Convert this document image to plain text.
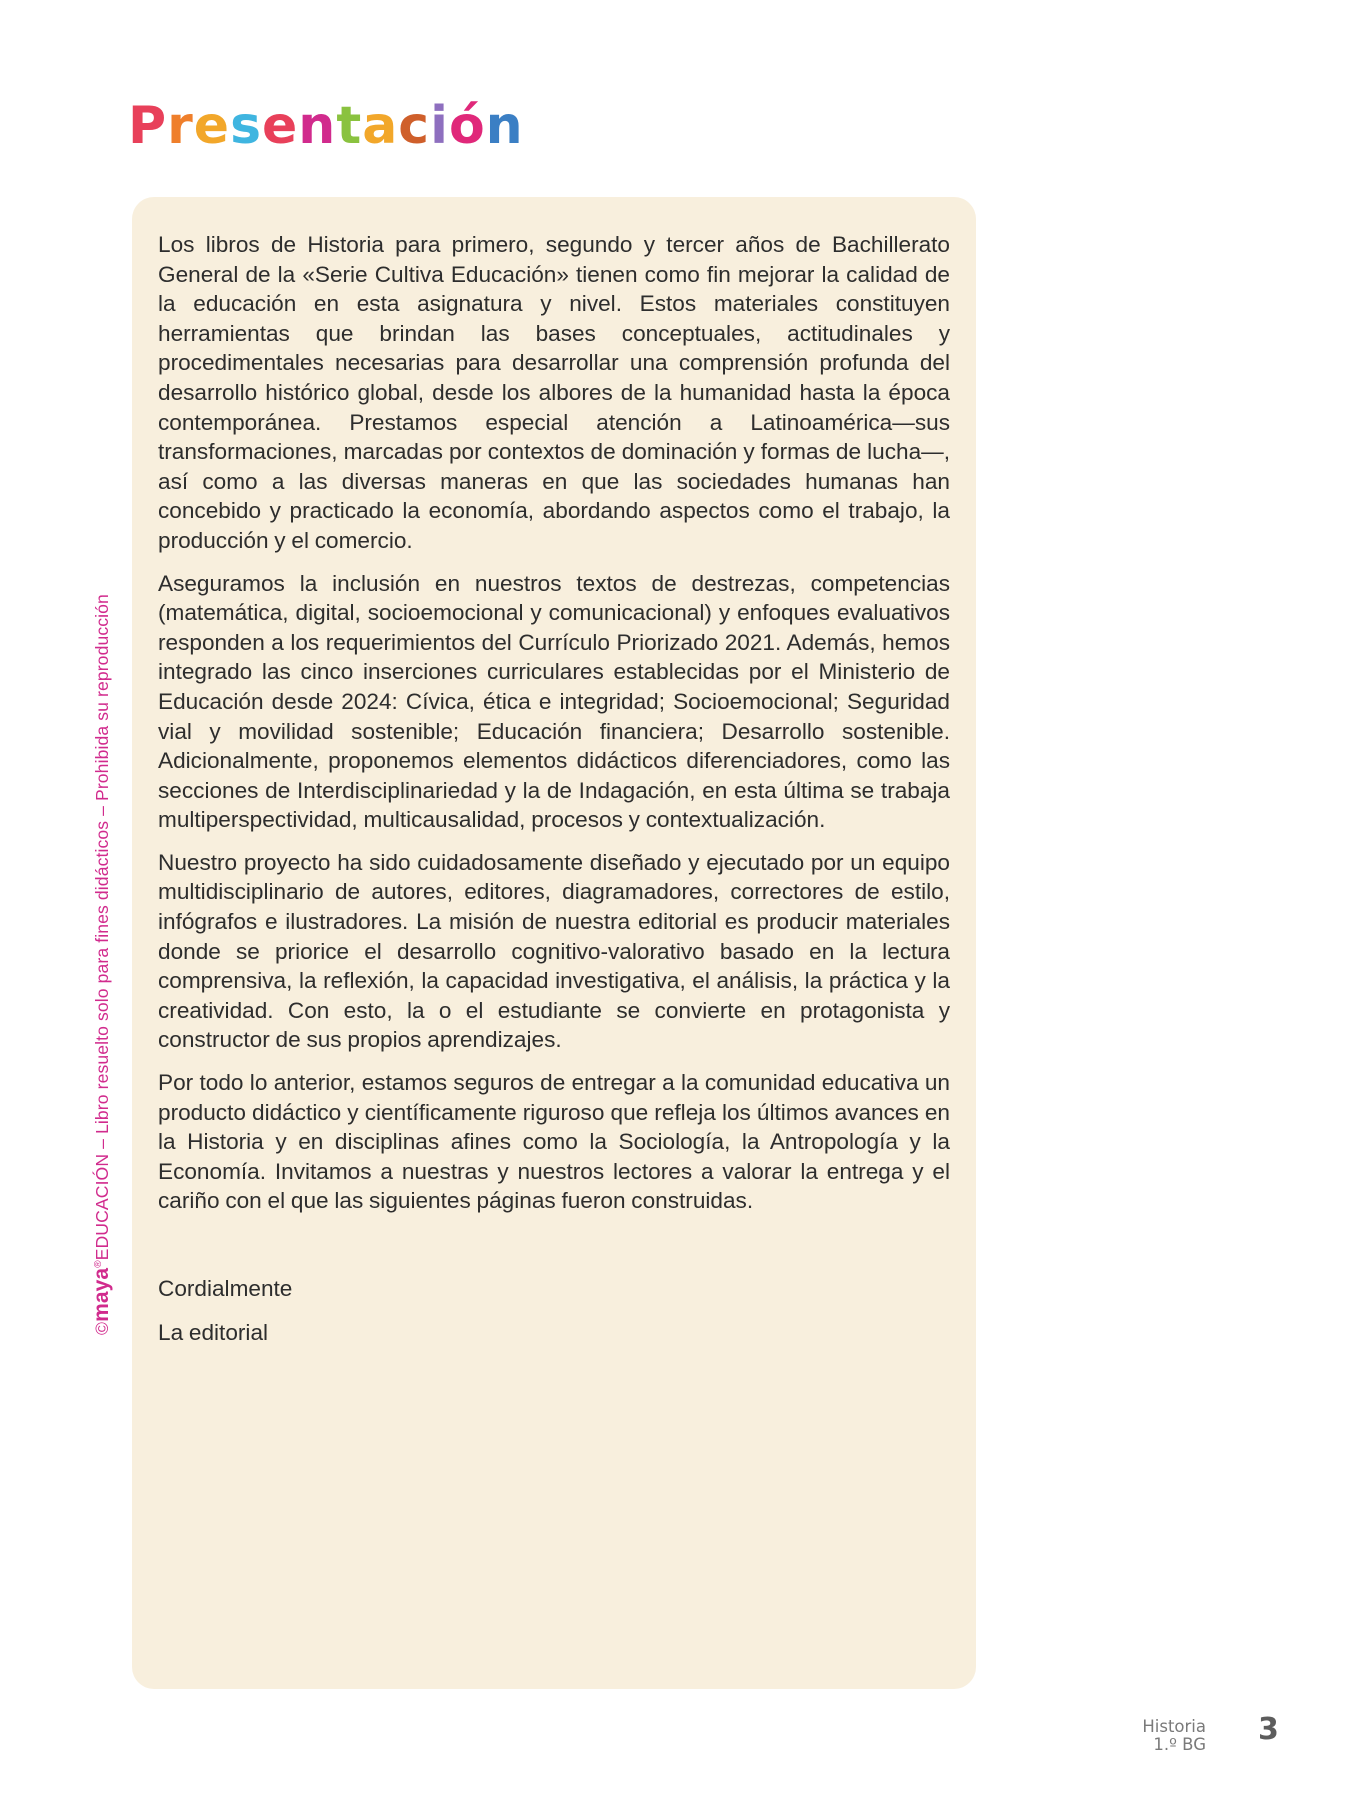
Presentación

Los libros de Historia para primero, segundo y tercer años de Bachillerato General de la «Serie Cultiva Educación» tienen como fin mejorar la calidad de la educación en esta asignatura y nivel. Estos materiales constituyen herramientas que brindan las bases conceptuales, actitudinales y procedimentales necesarias para desarrollar una comprensión profunda del desarrollo histórico global, desde los albores de la humanidad hasta la época contemporánea. Prestamos especial atención a Latinoamérica—sus transformaciones, marcadas por contextos de dominación y formas de lucha—, así como a las diversas maneras en que las sociedades humanas han concebido y practicado la economía, abordando aspectos como el trabajo, la producción y el comercio.

Aseguramos la inclusión en nuestros textos de destrezas, competencias (matemática, digital, socioemocional y comunicacional) y enfoques evaluativos responden a los requerimientos del Currículo Priorizado 2021. Además, hemos integrado las cinco inserciones curriculares establecidas por el Ministerio de Educación desde 2024: Cívica, ética e integridad; Socioemocional; Seguridad vial y movilidad sostenible; Educación financiera; Desarrollo sostenible. Adicionalmente, proponemos elementos didácticos diferenciadores, como las secciones de Interdisciplinariedad y la de Indagación, en esta última se trabaja multiperspectividad, multicausalidad, procesos y contextualización.

Nuestro proyecto ha sido cuidadosamente diseñado y ejecutado por un equipo multidisciplinario de autores, editores, diagramadores, correctores de estilo, infógrafos e ilustradores. La misión de nuestra editorial es producir materiales donde se priorice el desarrollo cognitivo-valorativo basado en la lectura comprensiva, la reflexión, la capacidad investigativa, el análisis, la práctica y la creatividad. Con esto, la o el estudiante se convierte en protagonista y constructor de sus propios aprendizajes.

Por todo lo anterior, estamos seguros de entregar a la comunidad educativa un producto didáctico y científicamente riguroso que refleja los últimos avances en la Historia y en disciplinas afines como la Sociología, la Antropología y la Economía. Invitamos a nuestras y nuestros lectores a valorar la entrega y el cariño con el que las siguientes páginas fueron construidas.

Cordialmente

La editorial

©maya®EDUCACIÓN – Libro resuelto solo para fines didácticos – Prohibida su reproducción
Historia
1.º BG 3
